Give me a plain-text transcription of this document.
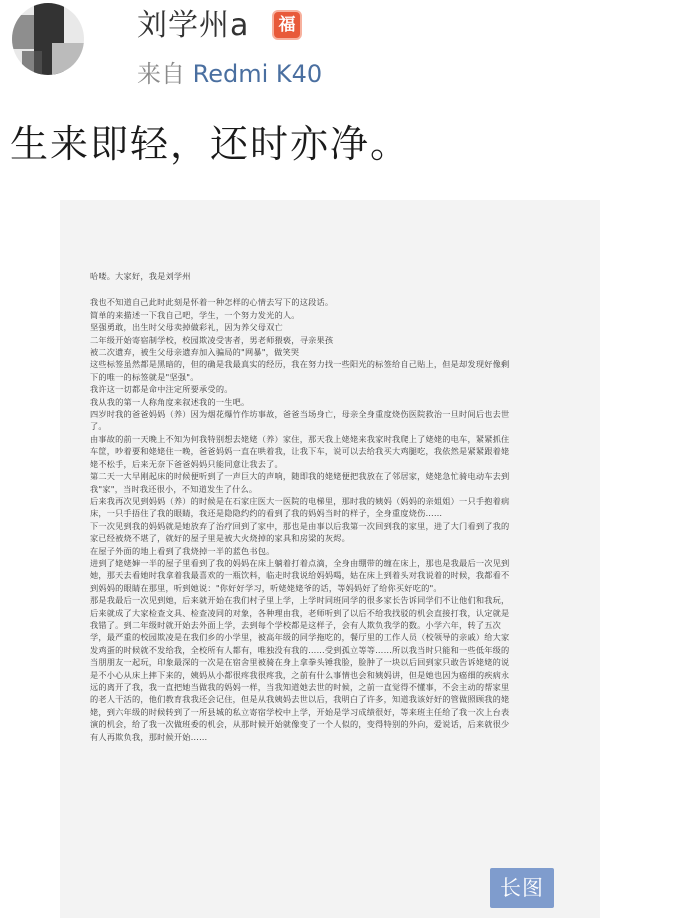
刘学州a	福
来自 Redmi K40
生来即轻，还时亦净。

哈喽。大家好，我是刘学州

我也不知道自己此时此刻是怀着一种怎样的心情去写下的这段话。

简单的来描述一下我自己吧，学生，一个努力发光的人。

坚强勇敢，出生时父母卖掉做彩礼，因为养父母双亡

二年级开始寄宿制学校，校园欺凌受害者，男老师猥亵，寻亲果孩

被二次遗弃，被生父母亲遗弃加入骗局的"网暴"，做笑哭

这些标签虽然都是黑暗的，但的确是我最真实的经历，我在努力找一些阳光的标签给自己贴上，但是却发现好像剩下的唯一的标签就是"坚强"。

我许这一切都是命中注定所要承受的。

我从我的第一人称角度来叙述我的一生吧。

四岁时我的爸爸妈妈（养）因为烟花爆竹作坊事故，爸爸当场身亡，母亲全身重度烧伤医院救治一旦时间后也去世了。

由事故的前一天晚上不知为何我特别想去姥姥（养）家住，那天我上姥姥来我家时我爬上了姥姥的电车，紧紧抓住车筐，吵着要和姥姥住一晚，爸爸妈妈一直在哄着我，让我下车，说可以去给我买大鸡腿吃，我依然是紧紧跟着姥姥不松手，后来无奈下爸爸妈妈只能同意让我去了。

第二天一大早刚起床的时候便听到了一声巨大的声响，随即我的姥姥便把我放在了邻居家，姥姥急忙骑电动车去到我"家"，当时我还很小，不知道发生了什么。

后来我再次见到妈妈（养）的时候是在石家庄医大一医院的电梯里，那时我的姨妈（妈妈的亲姐姐）一只手抱着病床，一只手捂住了我的眼睛，我还是隐隐约约的看到了我的妈妈当时的样子，全身重度烧伤……

下一次见到我的妈妈就是她放弃了治疗回到了家中，那也是由事以后我第一次回到我的家里，进了大门看到了我的家已经被烧不堪了，就好的屋子里是被大火烧掉的家具和房梁的灰烬。

在屋子外面的地上看到了我烧掉一半的蓝色书包。

进到了姥姥婶一半的屋子里看到了我的妈妈在床上躺着打着点滴，全身由绷带的缠在床上，那也是我最后一次见到她，那天去看她时我拿着我最喜欢的一瓶饮料，临走时我说给妈妈喝，姑在床上到着头对我说着的时候，我都看不到妈妈的眼睛在那里，听到她说："你好好学习，听姥姥姥爷的话，等妈妈好了给你买好吃的"。

那是我最后一次见到她，后来就开始在我们村子里上学，上学时同班同学的很多家长告诉同学们不让他们和我玩，后来就成了大家检查文具、检查凌同的对象，各种理由我，老师听到了以后不给我找驳的机会直接打我，认定就是我错了。到二年级时就开始去外面上学，去到每个学校都是这样子，会有人欺负我学的数。小学六年，转了五次学，最严重的校园欺凌是在我们乡的小学里，被高年级的同学拖吃的，餐厅里的工作人员（校领导的亲戚）给大家发鸡蛋的时候就不发给我，全校所有人都有，唯独没有我的……受到孤立等等……所以我当时只能和一些低年级的当朋朋友一起玩，印象最深的一次是在宿舍里被骑在身上拿拳头锤我脸，脸肿了一块以后回到家只敢告诉姥姥的说是不小心从床上摔下来的，姨妈从小都很疼我很疼我，之前有什么事情也会和姨妈讲，但是她也因为癌细的疾病永远的离开了我，我一直把她当做我的妈妈一样，当我知道她去世的时候，之前一直觉得不懂事，不会主动的帮家里的老人干活的，他们教育我我还会记住，但是从我姨妈去世以后，我明白了许多，知道我该好好的管做照顾我的姥姥，到六年级的时候转到了一所县城的私立寄宿学校中上学，开始是学习成绩很好，等来班主任给了我一次上台表演的机会，给了我一次做班委的机会，从那时候开始就像变了一个人似的，变得特别的外向，爱说话，后来就很少有人再欺负我，那时候开始……

长图
